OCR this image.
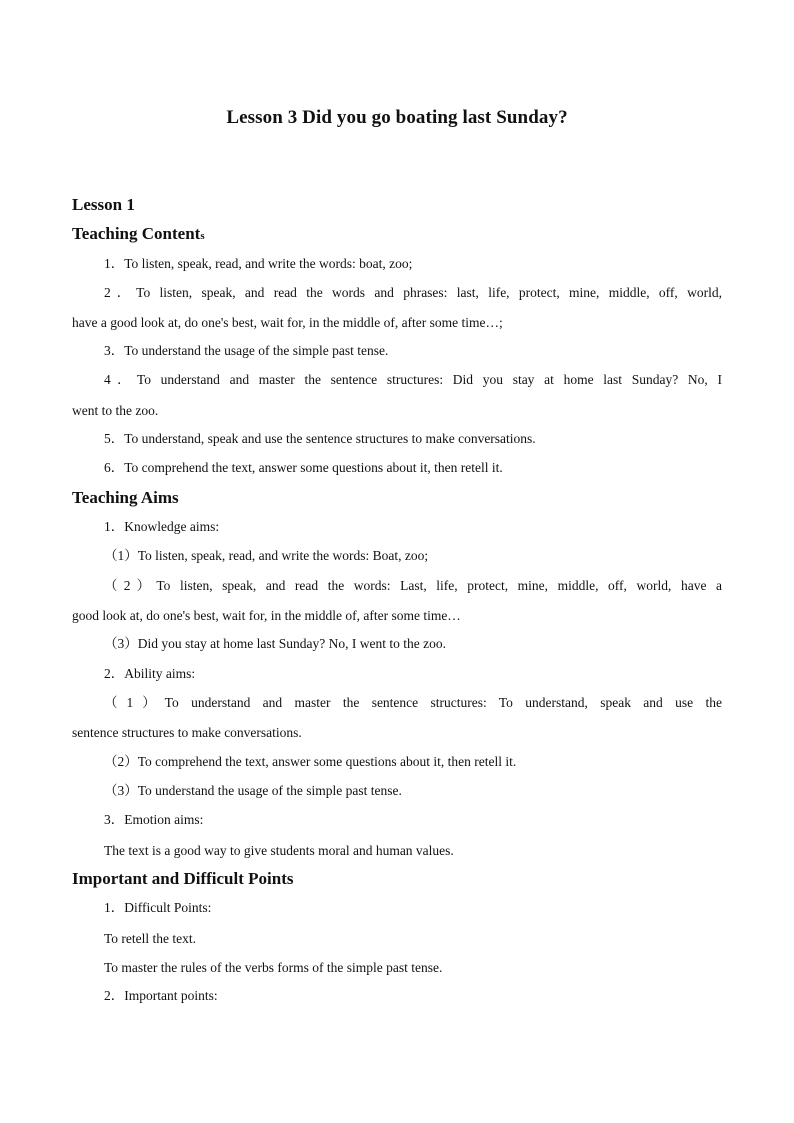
Lesson 3 Did you go boating last Sunday?
Lesson 1
Teaching Contents
1．To listen, speak, read, and write the words: boat, zoo;
2．To listen, speak, and read the words and phrases: last, life, protect, mine, middle, off, world,
have a good look at, do one's best, wait for, in the middle of, after some time…;
3．To understand the usage of the simple past tense.
4．To understand and master the sentence structures: Did you stay at home last Sunday? No, I
went to the zoo.
5．To understand, speak and use the sentence structures to make conversations.
6．To comprehend the text, answer some questions about it, then retell it.
Teaching Aims
1．Knowledge aims:
（1）To listen, speak, read, and write the words: Boat, zoo;
（2）To listen, speak, and read the words: Last, life, protect, mine, middle, off, world, have a
good look at, do one's best, wait for, in the middle of, after some time…
（3）Did you stay at home last Sunday? No, I went to the zoo.
2．Ability aims:
（1）To understand and master the sentence structures: To understand, speak and use the
sentence structures to make conversations.
（2）To comprehend the text, answer some questions about it, then retell it.
（3）To understand the usage of the simple past tense.
3．Emotion aims:
The text is a good way to give students moral and human values.
Important and Difficult Points
1．Difficult Points:
To retell the text.
To master the rules of the verbs forms of the simple past tense.
2．Important points:
